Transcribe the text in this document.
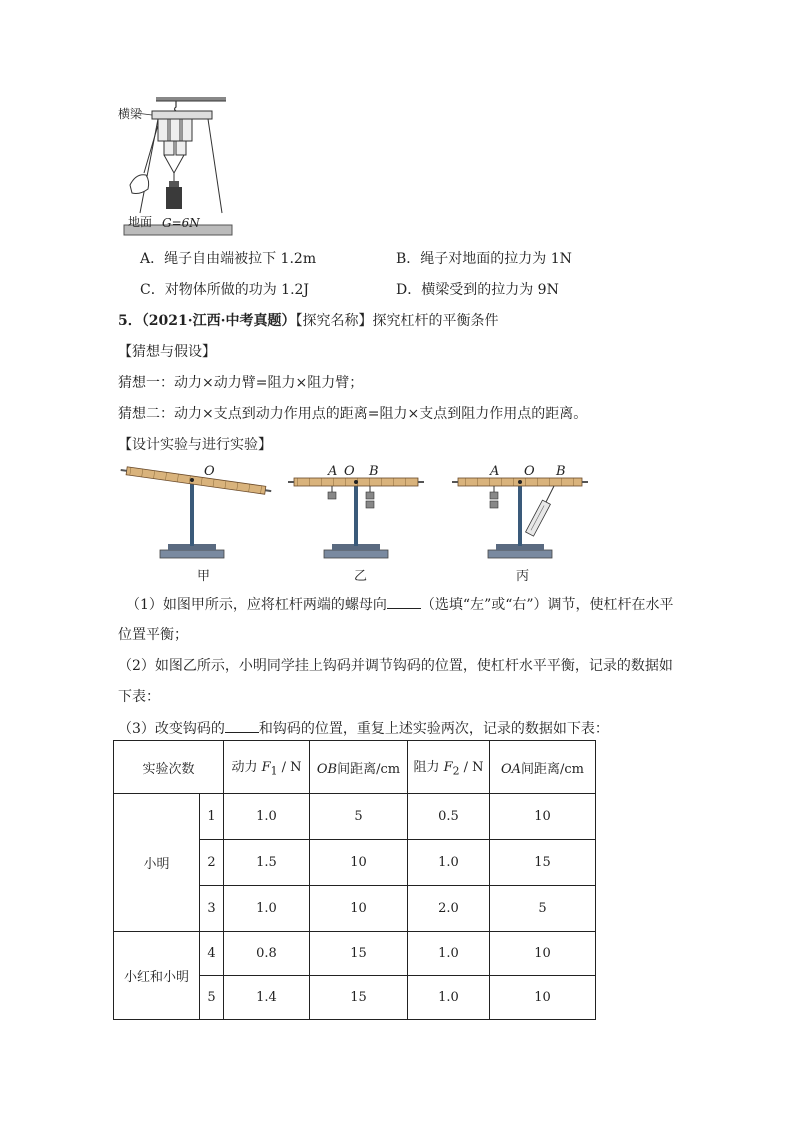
横梁
地面 G=6N
A．绳子自由端被拉下 1.2m	B．绳子对地面的拉力为 1N
C．对物体所做的功为 1.2J	D．横梁受到的拉力为 9N
5．（2021·江西·中考真题）【探究名称】探究杠杆的平衡条件
【猜想与假设】
猜想一：动力×动力臂=阻力×阻力臂；
猜想二：动力×支点到动力作用点的距离=阻力×支点到阻力作用点的距离。
【设计实验与进行实验】
O	A O B	A O B
甲	乙	丙
（1）如图甲所示，应将杠杆两端的螺母向 （选填“左”或“右”）调节，使杠杆在水平
位置平衡；
（2）如图乙所示，小明同学挂上钩码并调节钩码的位置，使杠杆水平平衡，记录的数据如
下表：
（3）改变钩码的 和钩码的位置，重复上述实验两次，记录的数据如下表：
实验次数		动力 $F_1$ / N	OB间距离/cm	阻力 $F_2$ / N	OA间距离/cm
小明	1	1.0	5	0.5	10
	2	1.5	10	1.0	15
	3	1.0	10	2.0	5
小红和小明	4	0.8	15	1.0	10
	5	1.4	15	1.0	10
